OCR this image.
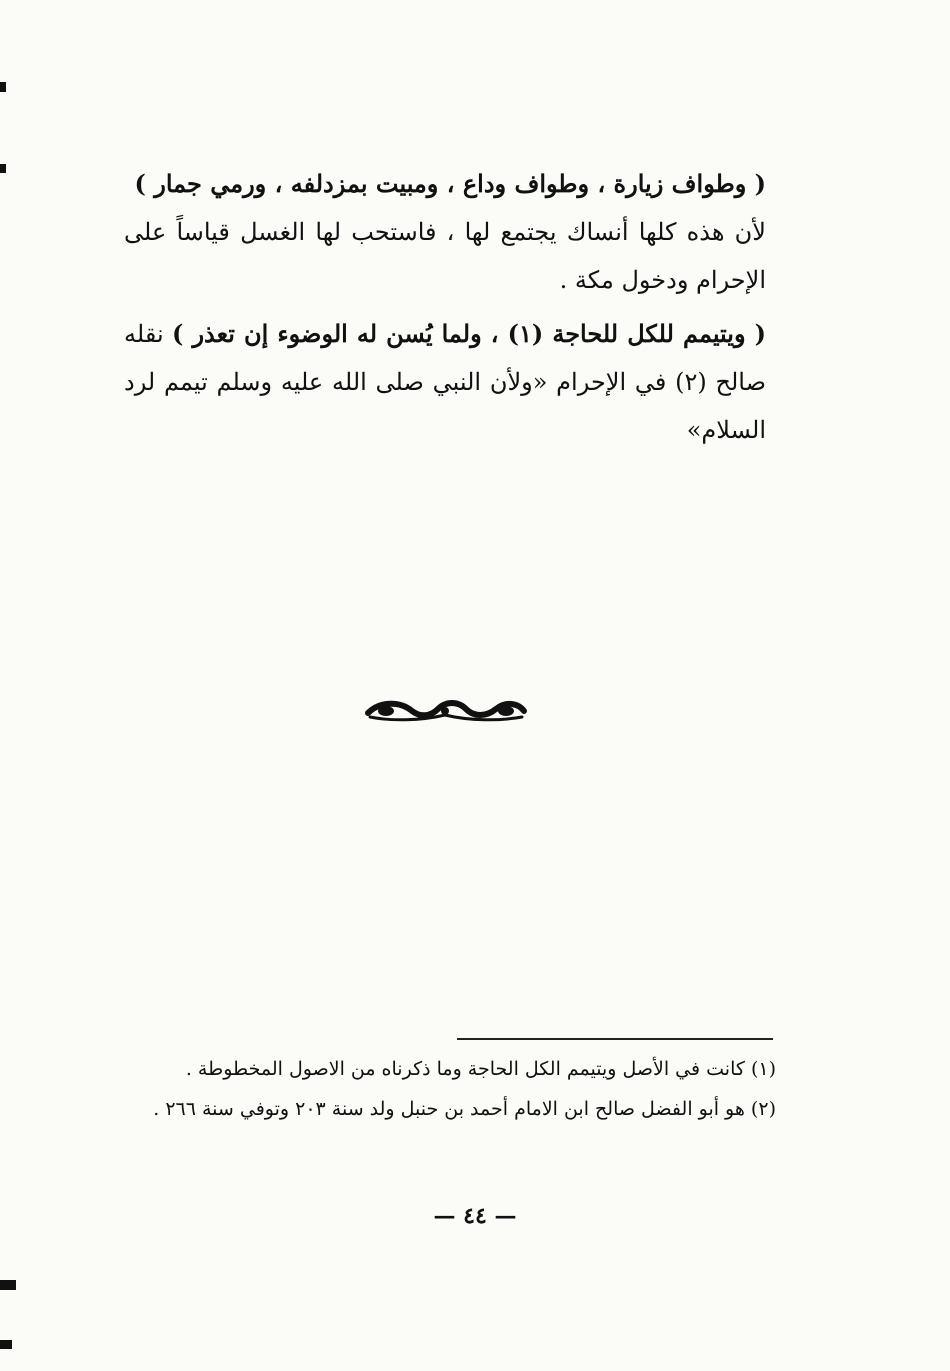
( وطواف زيارة ، وطواف وداع ، ومبيت بمزدلفه ، ورمي جمار )
لأن هذه كلها أنساك يجتمع لها ، فاستحب لها الغسل قياساً على الإحرام ودخول مكة .

( ويتيمم للكل للحاجة (١) ، ولما يُسن له الوضوء إن تعذر ) نقله صالح (٢) في الإحرام «ولأن النبي صلى الله عليه وسلم تيمم لرد السلام»

(١) كانت في الأصل ويتيمم الكل الحاجة وما ذكرناه من الاصول المخطوطة .

(٢) هو أبو الفضل صالح ابن الامام أحمد بن حنبل ولد سنة ٢٠٣ وتوفي سنة ٢٦٦ .

— ٤٤ —
